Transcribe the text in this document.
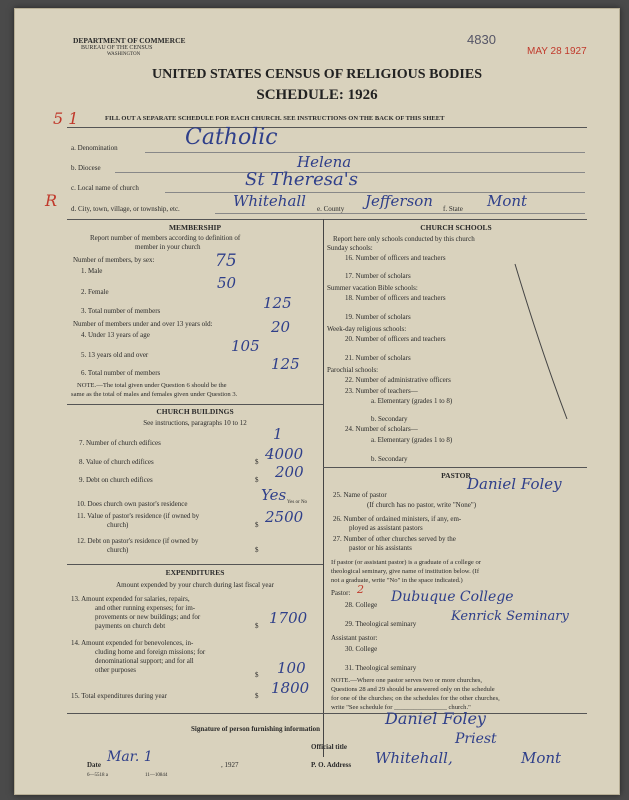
DEPARTMENT OF COMMERCE
BUREAU OF THE CENSUS
WASHINGTON
4830
MAY 28 1927
UNITED STATES CENSUS OF RELIGIOUS BODIES
SCHEDULE: 1926
5 1	FILL OUT A SEPARATE SCHEDULE FOR EACH CHURCH. SEE INSTRUCTIONS ON THE BACK OF THIS SHEET
a. Denomination	Catholic
b. Diocese	Helena
c. Local name of church	St Theresa's
R d. City, town, village, or township, etc.	Whitehall e. County Jefferson f. State Mont
MEMBERSHIP
Report number of members according to definition of
member in your church
Number of members, by sex:
1. Male	75
2. Female	50
3. Total number of members	125
Number of members under and over 13 years old:
4. Under 13 years of age	20
5. 13 years old and over	105
6. Total number of members	125
NOTE.—The total given under Question 6 should be the
same as the total of males and females given under Question 3.
CHURCH BUILDINGS
See instructions, paragraphs 10 to 12
7. Number of church edifices	1
8. Value of church edifices	$ 4000
9. Debt on church edifices	$ 200
10. Does church own pastor's residence	Yes Yes or No
11. Value of pastor's residence (if owned by
church)	$ 2500
12. Debt on pastor's residence (if owned by
church)	$
EXPENDITURES
Amount expended by your church during last fiscal year
13. Amount expended for salaries, repairs,
and other running expenses; for im-
provements or new buildings; and for
payments on church debt	$ 1700
14. Amount expended for benevolences, in-
cluding home and foreign missions; for
denominational support; and for all
other purposes
$ 100
15. Total expenditures during year	$ 1800
CHURCH SCHOOLS
Report here only schools conducted by this church
Sunday schools:
16. Number of officers and teachers
17. Number of scholars
Summer vacation Bible schools:
18. Number of officers and teachers
19. Number of scholars
Week-day religious schools:
20. Number of officers and teachers
21. Number of scholars
Parochial schools:
22. Number of administrative officers
23. Number of teachers—
a. Elementary (grades 1 to 8)
b. Secondary
24. Number of scholars—
a. Elementary (grades 1 to 8)
b. Secondary
PASTOR
25. Name of pastor
Daniel Foley
(If church has no pastor, write "None")
26. Number of ordained ministers, if any, em-
ployed as assistant pastors
27. Number of other churches served by the
pastor or his assistants
If pastor (or assistant pastor) is a graduate of a college or
theological seminary, give name of institution below. (If
not a graduate, write "No" in the space indicated.)
Pastor: 2
28. College Dubuque College
29. Theological seminary	Kenrick Seminary
Assistant pastor:
30. College
31. Theological seminary
NOTE.—Where one pastor serves two or more churches,
Questions 28 and 29 should be answered only on the schedule
for one of the churches; on the schedules for the other churches,
write "See schedule for ________________ church."
Signature of person furnishing information
Daniel Foley
Official title	Priest
Date Mar. 1	, 1927	P. O. Address Whitehall,	Mont
6—5518 a	11—10844
